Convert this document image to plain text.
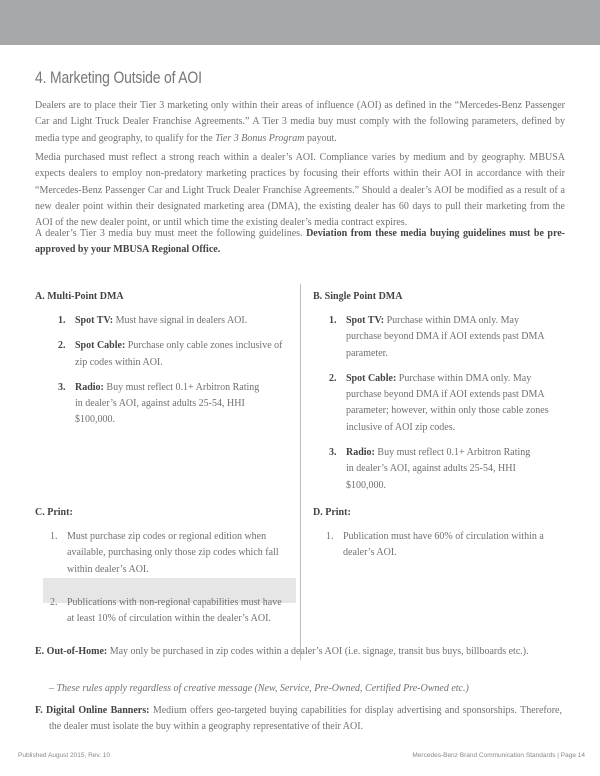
4. Marketing Outside of AOI
Dealers are to place their Tier 3 marketing only within their areas of influence (AOI) as defined in the “Mercedes-Benz Passenger Car and Light Truck Dealer Franchise Agreements.” A Tier 3 media buy must comply with the following parameters, defined by media type and geography, to qualify for the Tier 3 Bonus Program payout.
Media purchased must reflect a strong reach within a dealer’s AOI. Compliance varies by medium and by geography. MBUSA expects dealers to employ non-predatory marketing practices by focusing their efforts within their AOI in accordance with their “Mercedes-Benz Passenger Car and Light Truck Dealer Franchise Agreements.” Should a dealer’s AOI be modified as a result of a new dealer point within their designated marketing area (DMA), the existing dealer has 60 days to pull their marketing from the AOI of the new dealer point, or until which time the existing dealer’s media contract expires.
A dealer’s Tier 3 media buy must meet the following guidelines. Deviation from these media buying guidelines must be pre-approved by your MBUSA Regional Office.
A. Multi-Point DMA
1. Spot TV: Must have signal in dealers AOI.
2. Spot Cable: Purchase only cable zones inclusive of zip codes within AOI.
3. Radio: Buy must reflect 0.1+ Arbitron Rating in dealer’s AOI, against adults 25-54, HHI $100,000.
B. Single Point DMA
1. Spot TV: Purchase within DMA only. May purchase beyond DMA if AOI extends past DMA parameter.
2. Spot Cable: Purchase within DMA only. May purchase beyond DMA if AOI extends past DMA parameter; however, within only those cable zones inclusive of AOI zip codes.
3. Radio: Buy must reflect 0.1+ Arbitron Rating in dealer’s AOI, against adults 25-54, HHI $100,000.
C. Print:
1. Must purchase zip codes or regional edition when available, purchasing only those zip codes which fall within dealer’s AOI.
2. Publications with non-regional capabilities must have at least 10% of circulation within the dealer’s AOI.
D. Print:
1. Publication must have 60% of circulation within a dealer’s AOI.
E. Out-of-Home: May only be purchased in zip codes within a dealer’s AOI (i.e. signage, transit bus buys, billboards etc.).
– These rules apply regardless of creative message (New, Service, Pre-Owned, Certified Pre-Owned etc.)
F. Digital Online Banners: Medium offers geo-targeted buying capabilities for display advertising and sponsorships. Therefore, the dealer must isolate the buy within a geography representative of their AOI.
Published August 2015, Rev. 10	Mercedes-Benz Brand Communication Standards | Page 14
